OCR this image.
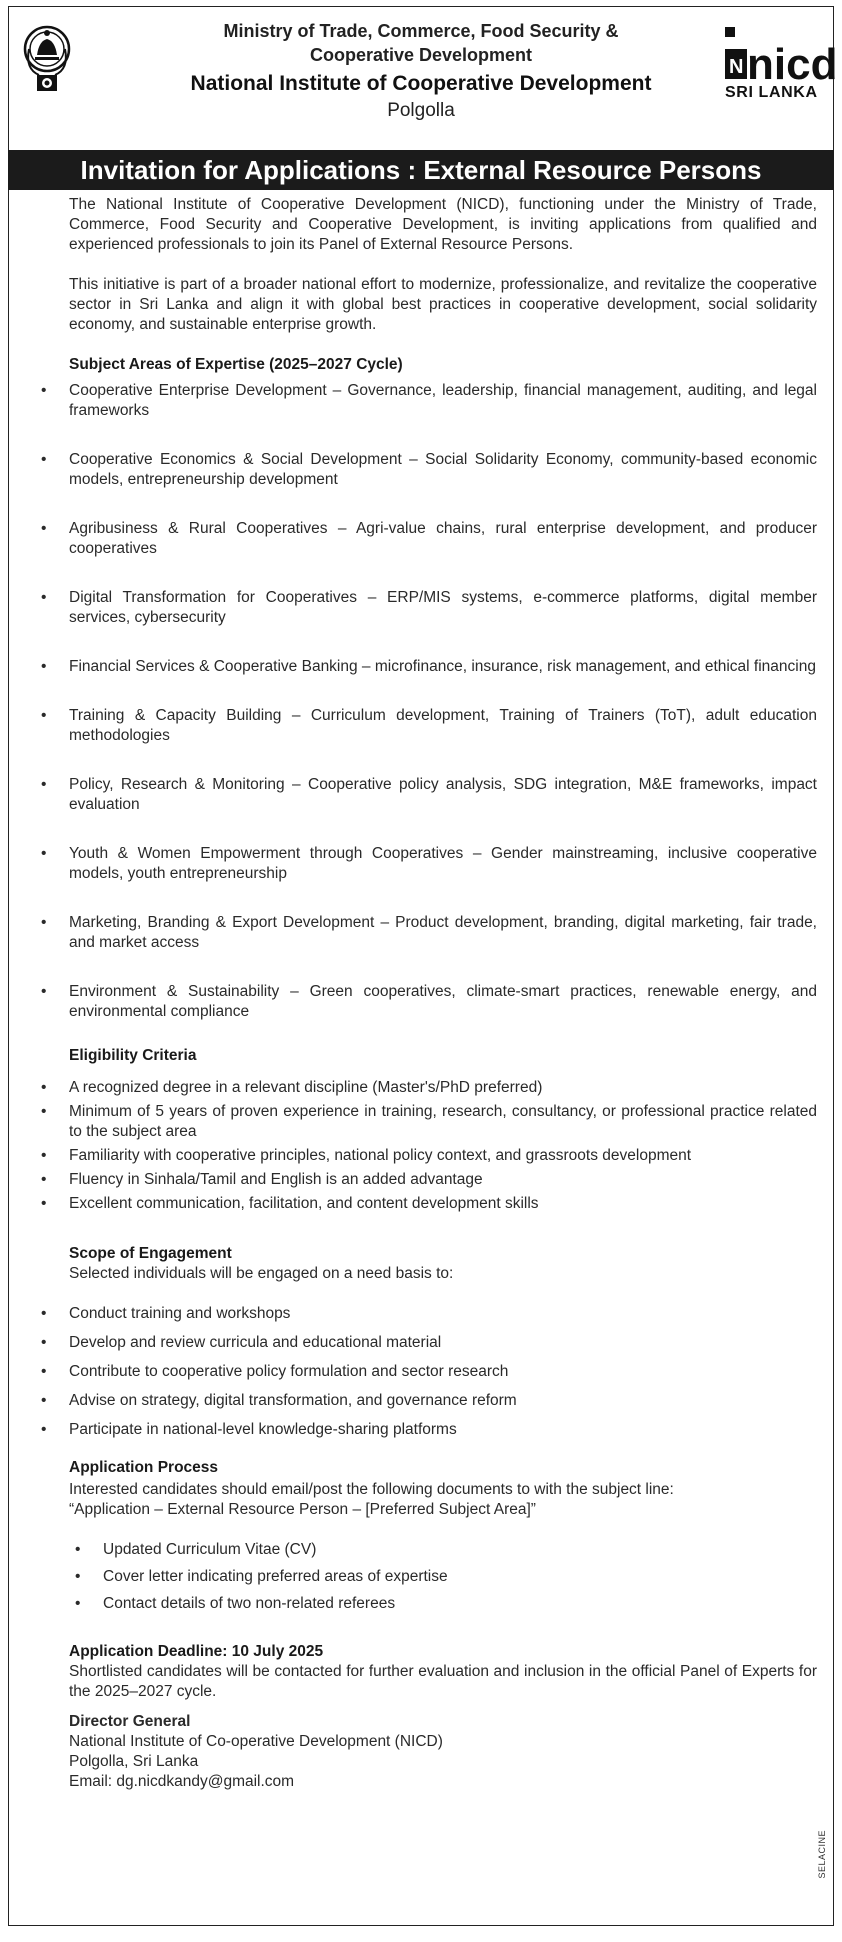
Ministry of Trade, Commerce, Food Security &
Cooperative Development
National Institute of Cooperative Development
Polgolla
N nicd
SRI LANKA
Invitation for Applications : External Resource Persons

The National Institute of Cooperative Development (NICD), functioning under the Ministry of Trade, Commerce, Food Security and Cooperative Development, is inviting applications from qualified and experienced professionals to join its Panel of External Resource Persons.

This initiative is part of a broader national effort to modernize, professionalize, and revitalize the cooperative sector in Sri Lanka and align it with global best practices in cooperative development, social solidarity economy, and sustainable enterprise growth.

Subject Areas of Expertise (2025–2027 Cycle)
• Cooperative Enterprise Development – Governance, leadership, financial management, auditing, and legal frameworks
• Cooperative Economics & Social Development – Social Solidarity Economy, community-based economic models, entrepreneurship development
• Agribusiness & Rural Cooperatives – Agri-value chains, rural enterprise development, and producer cooperatives
• Digital Transformation for Cooperatives – ERP/MIS systems, e-commerce platforms, digital member services, cybersecurity
• Financial Services & Cooperative Banking – microfinance, insurance, risk management, and ethical financing
• Training & Capacity Building – Curriculum development, Training of Trainers (ToT), adult education methodologies
• Policy, Research & Monitoring – Cooperative policy analysis, SDG integration, M&E frameworks, impact evaluation
• Youth & Women Empowerment through Cooperatives – Gender mainstreaming, inclusive cooperative models, youth entrepreneurship
• Marketing, Branding & Export Development – Product development, branding, digital marketing, fair trade, and market access
• Environment & Sustainability – Green cooperatives, climate-smart practices, renewable energy, and environmental compliance
Eligibility Criteria
• A recognized degree in a relevant discipline (Master's/PhD preferred)
• Minimum of 5 years of proven experience in training, research, consultancy, or professional practice related to the subject area
• Familiarity with cooperative principles, national policy context, and grassroots development
• Fluency in Sinhala/Tamil and English is an added advantage
• Excellent communication, facilitation, and content development skills
Scope of Engagement
Selected individuals will be engaged on a need basis to:
• Conduct training and workshops
• Develop and review curricula and educational material
• Contribute to cooperative policy formulation and sector research
• Advise on strategy, digital transformation, and governance reform
• Participate in national-level knowledge-sharing platforms
Application Process
Interested candidates should email/post the following documents to with the subject line:
“Application – External Resource Person – [Preferred Subject Area]”
• Updated Curriculum Vitae (CV)
• Cover letter indicating preferred areas of expertise
• Contact details of two non-related referees
Application Deadline: 10 July 2025

Shortlisted candidates will be contacted for further evaluation and inclusion in the official Panel of Experts for the 2025–2027 cycle.

Director General
National Institute of Co-operative Development (NICD)
Polgolla, Sri Lanka
Email: dg.nicdkandy@gmail.com
SELACINE
